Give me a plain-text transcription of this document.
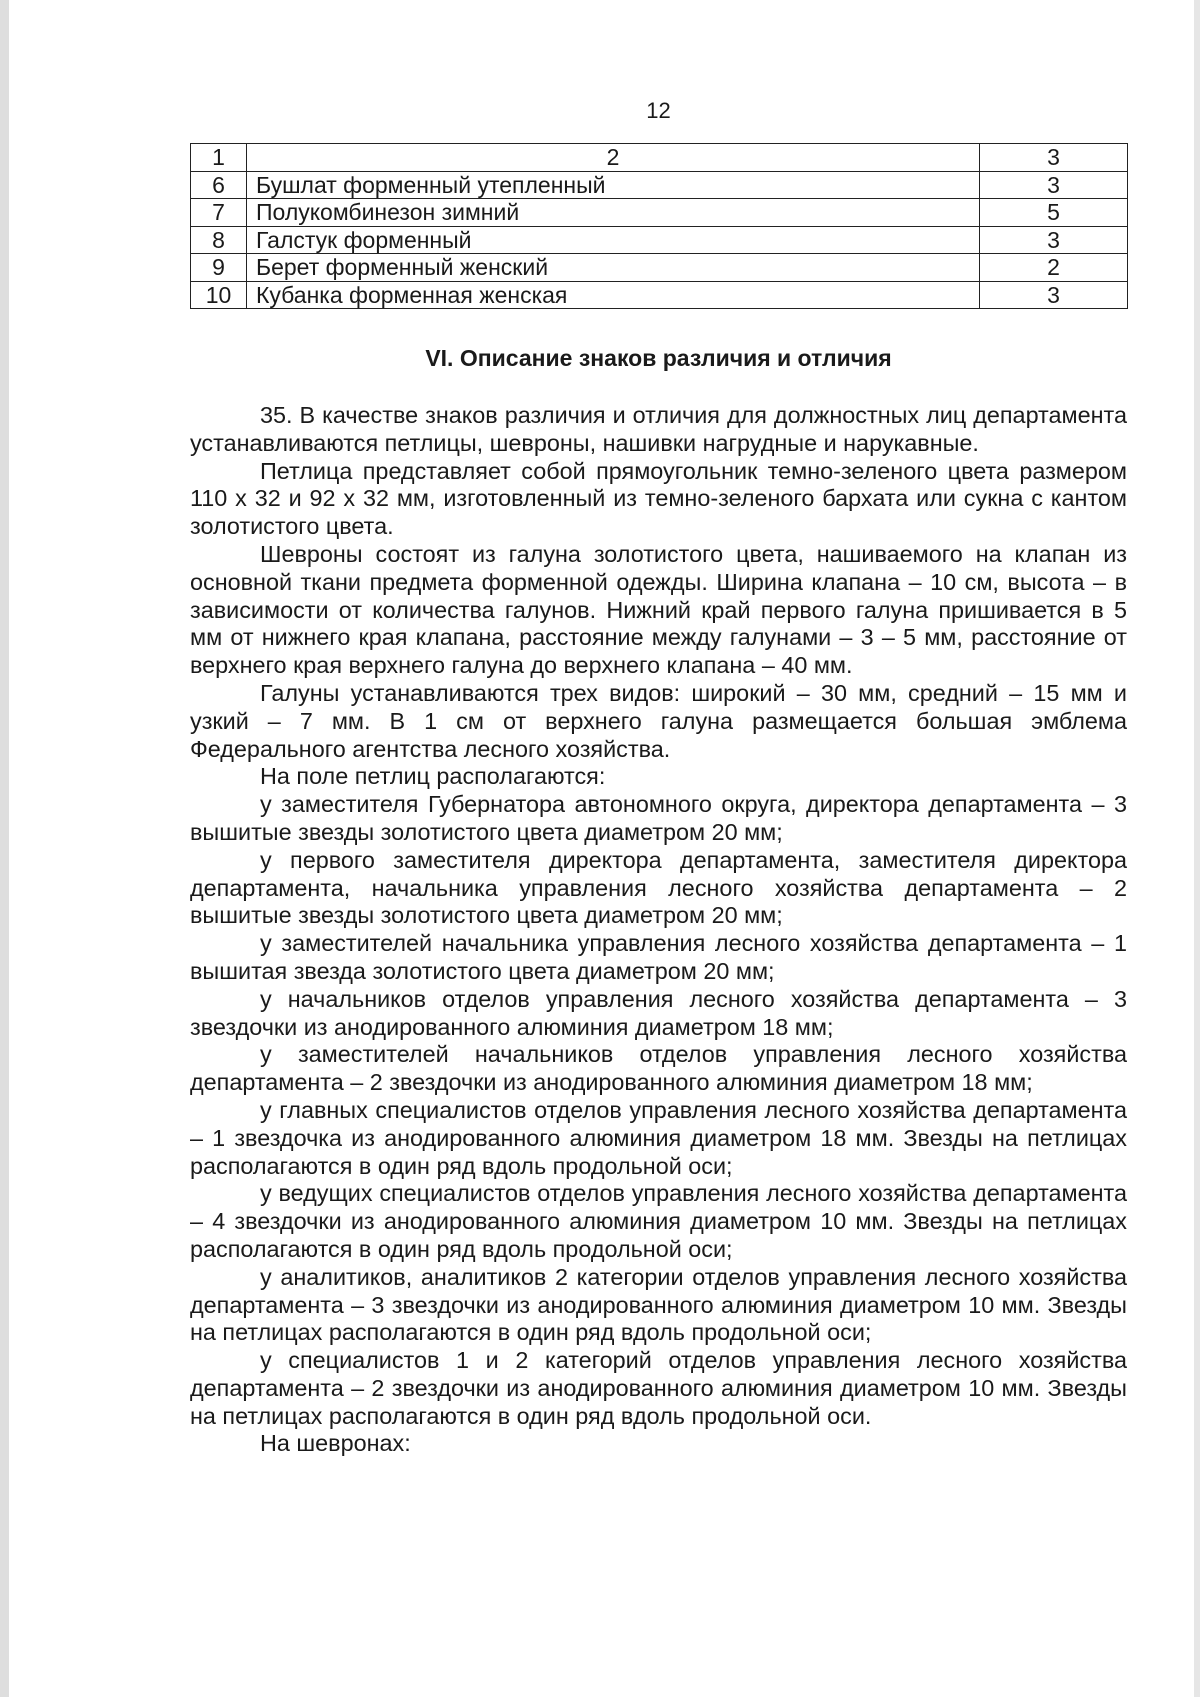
12
1	2	3
6	Бушлат форменный утепленный	3
7	Полукомбинезон зимний	5
8	Галстук форменный	3
9	Берет форменный женский	2
10	Кубанка форменная женская	3
VI. Описание знаков различия и отличия

35. В качестве знаков различия и отличия для должностных лиц департамента устанавливаются петлицы, шевроны, нашивки нагрудные и нарукавные.

Петлица представляет собой прямоугольник темно-зеленого цвета размером 110 х 32 и 92 х 32 мм, изготовленный из темно-зеленого бархата или сукна с кантом золотистого цвета.

Шевроны состоят из галуна золотистого цвета, нашиваемого на клапан из основной ткани предмета форменной одежды. Ширина клапана – 10 см, высота – в зависимости от количества галунов. Нижний край первого галуна пришивается в 5 мм от нижнего края клапана, расстояние между галунами – 3 – 5 мм, расстояние от верхнего края верхнего галуна до верхнего клапана – 40 мм.

Галуны устанавливаются трех видов: широкий – 30 мм, средний – 15 мм и узкий – 7 мм. В 1 см от верхнего галуна размещается большая эмблема Федерального агентства лесного хозяйства.

На поле петлиц располагаются:

у заместителя Губернатора автономного округа, директора департамента – 3 вышитые звезды золотистого цвета диаметром 20 мм;

у первого заместителя директора департамента, заместителя директора департамента, начальника управления лесного хозяйства департамента – 2 вышитые звезды золотистого цвета диаметром 20 мм;

у заместителей начальника управления лесного хозяйства департамента – 1 вышитая звезда золотистого цвета диаметром 20 мм;

у начальников отделов управления лесного хозяйства департамента – 3 звездочки из анодированного алюминия диаметром 18 мм;

у заместителей начальников отделов управления лесного хозяйства департамента – 2 звездочки из анодированного алюминия диаметром 18 мм;

у главных специалистов отделов управления лесного хозяйства департамента – 1 звездочка из анодированного алюминия диаметром 18 мм. Звезды на петлицах располагаются в один ряд вдоль продольной оси;

у ведущих специалистов отделов управления лесного хозяйства департамента – 4 звездочки из анодированного алюминия диаметром 10 мм. Звезды на петлицах располагаются в один ряд вдоль продольной оси;

у аналитиков, аналитиков 2 категории отделов управления лесного хозяйства департамента – 3 звездочки из анодированного алюминия диаметром 10 мм. Звезды на петлицах располагаются в один ряд вдоль продольной оси;

у специалистов 1 и 2 категорий отделов управления лесного хозяйства департамента – 2 звездочки из анодированного алюминия диаметром 10 мм. Звезды на петлицах располагаются в один ряд вдоль продольной оси.

На шевронах:
